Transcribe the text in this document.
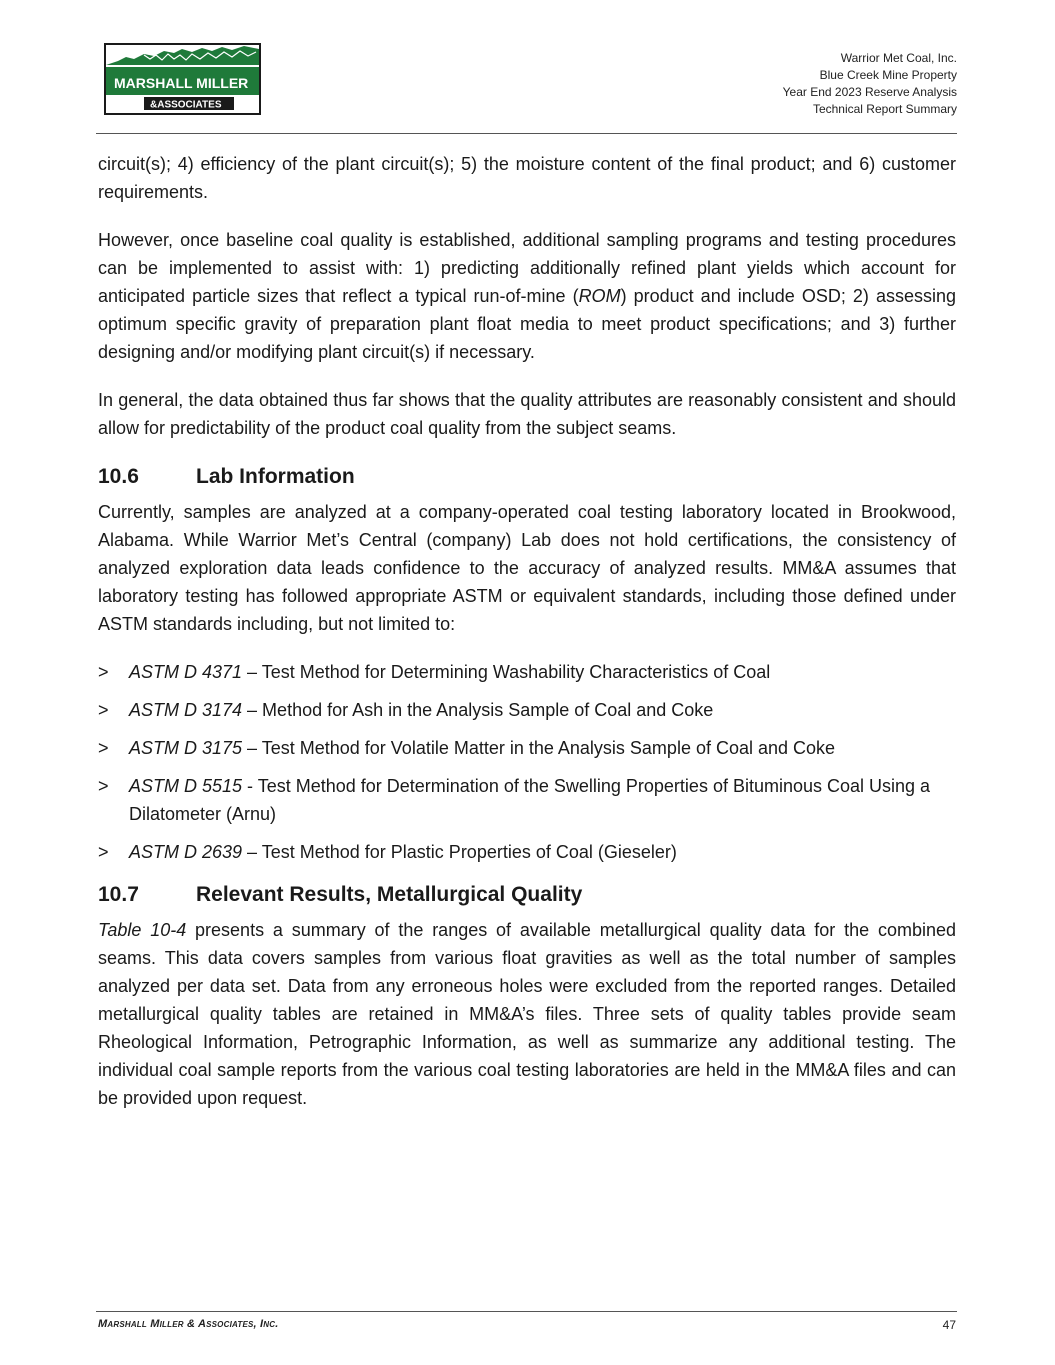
MARSHALL MILLER
&ASSOCIATES
Warrior Met Coal, Inc.
Blue Creek Mine Property
Year End 2023 Reserve Analysis
Technical Report Summary

circuit(s); 4) efficiency of the plant circuit(s); 5) the moisture content of the final product; and 6) customer requirements.

However, once baseline coal quality is established, additional sampling programs and testing procedures can be implemented to assist with: 1) predicting additionally refined plant yields which account for anticipated particle sizes that reflect a typical run-of-mine (ROM) product and include OSD; 2) assessing optimum specific gravity of preparation plant float media to meet product specifications; and 3) further designing and/or modifying plant circuit(s) if necessary.

In general, the data obtained thus far shows that the quality attributes are reasonably consistent and should allow for predictability of the product coal quality from the subject seams.

10.6	Lab Information

Currently, samples are analyzed at a company-operated coal testing laboratory located in Brookwood, Alabama. While Warrior Met’s Central (company) Lab does not hold certifications, the consistency of analyzed exploration data leads confidence to the accuracy of analyzed results. MM&A assumes that laboratory testing has followed appropriate ASTM or equivalent standards, including those defined under ASTM standards including, but not limited to:

> ASTM D 4371 – Test Method for Determining Washability Characteristics of Coal
> ASTM D 3174 – Method for Ash in the Analysis Sample of Coal and Coke
> ASTM D 3175 – Test Method for Volatile Matter in the Analysis Sample of Coal and Coke
> ASTM D 5515 - Test Method for Determination of the Swelling Properties of Bituminous Coal Using a Dilatometer (Arnu)
> ASTM D 2639 – Test Method for Plastic Properties of Coal (Gieseler)
10.7	Relevant Results, Metallurgical Quality

Table 10-4 presents a summary of the ranges of available metallurgical quality data for the combined seams. This data covers samples from various float gravities as well as the total number of samples analyzed per data set. Data from any erroneous holes were excluded from the reported ranges. Detailed metallurgical quality tables are retained in MM&A’s files. Three sets of quality tables provide seam Rheological Information, Petrographic Information, as well as summarize any additional testing. The individual coal sample reports from the various coal testing laboratories are held in the MM&A files and can be provided upon request.

Marshall Miller & Associates, Inc.	47
